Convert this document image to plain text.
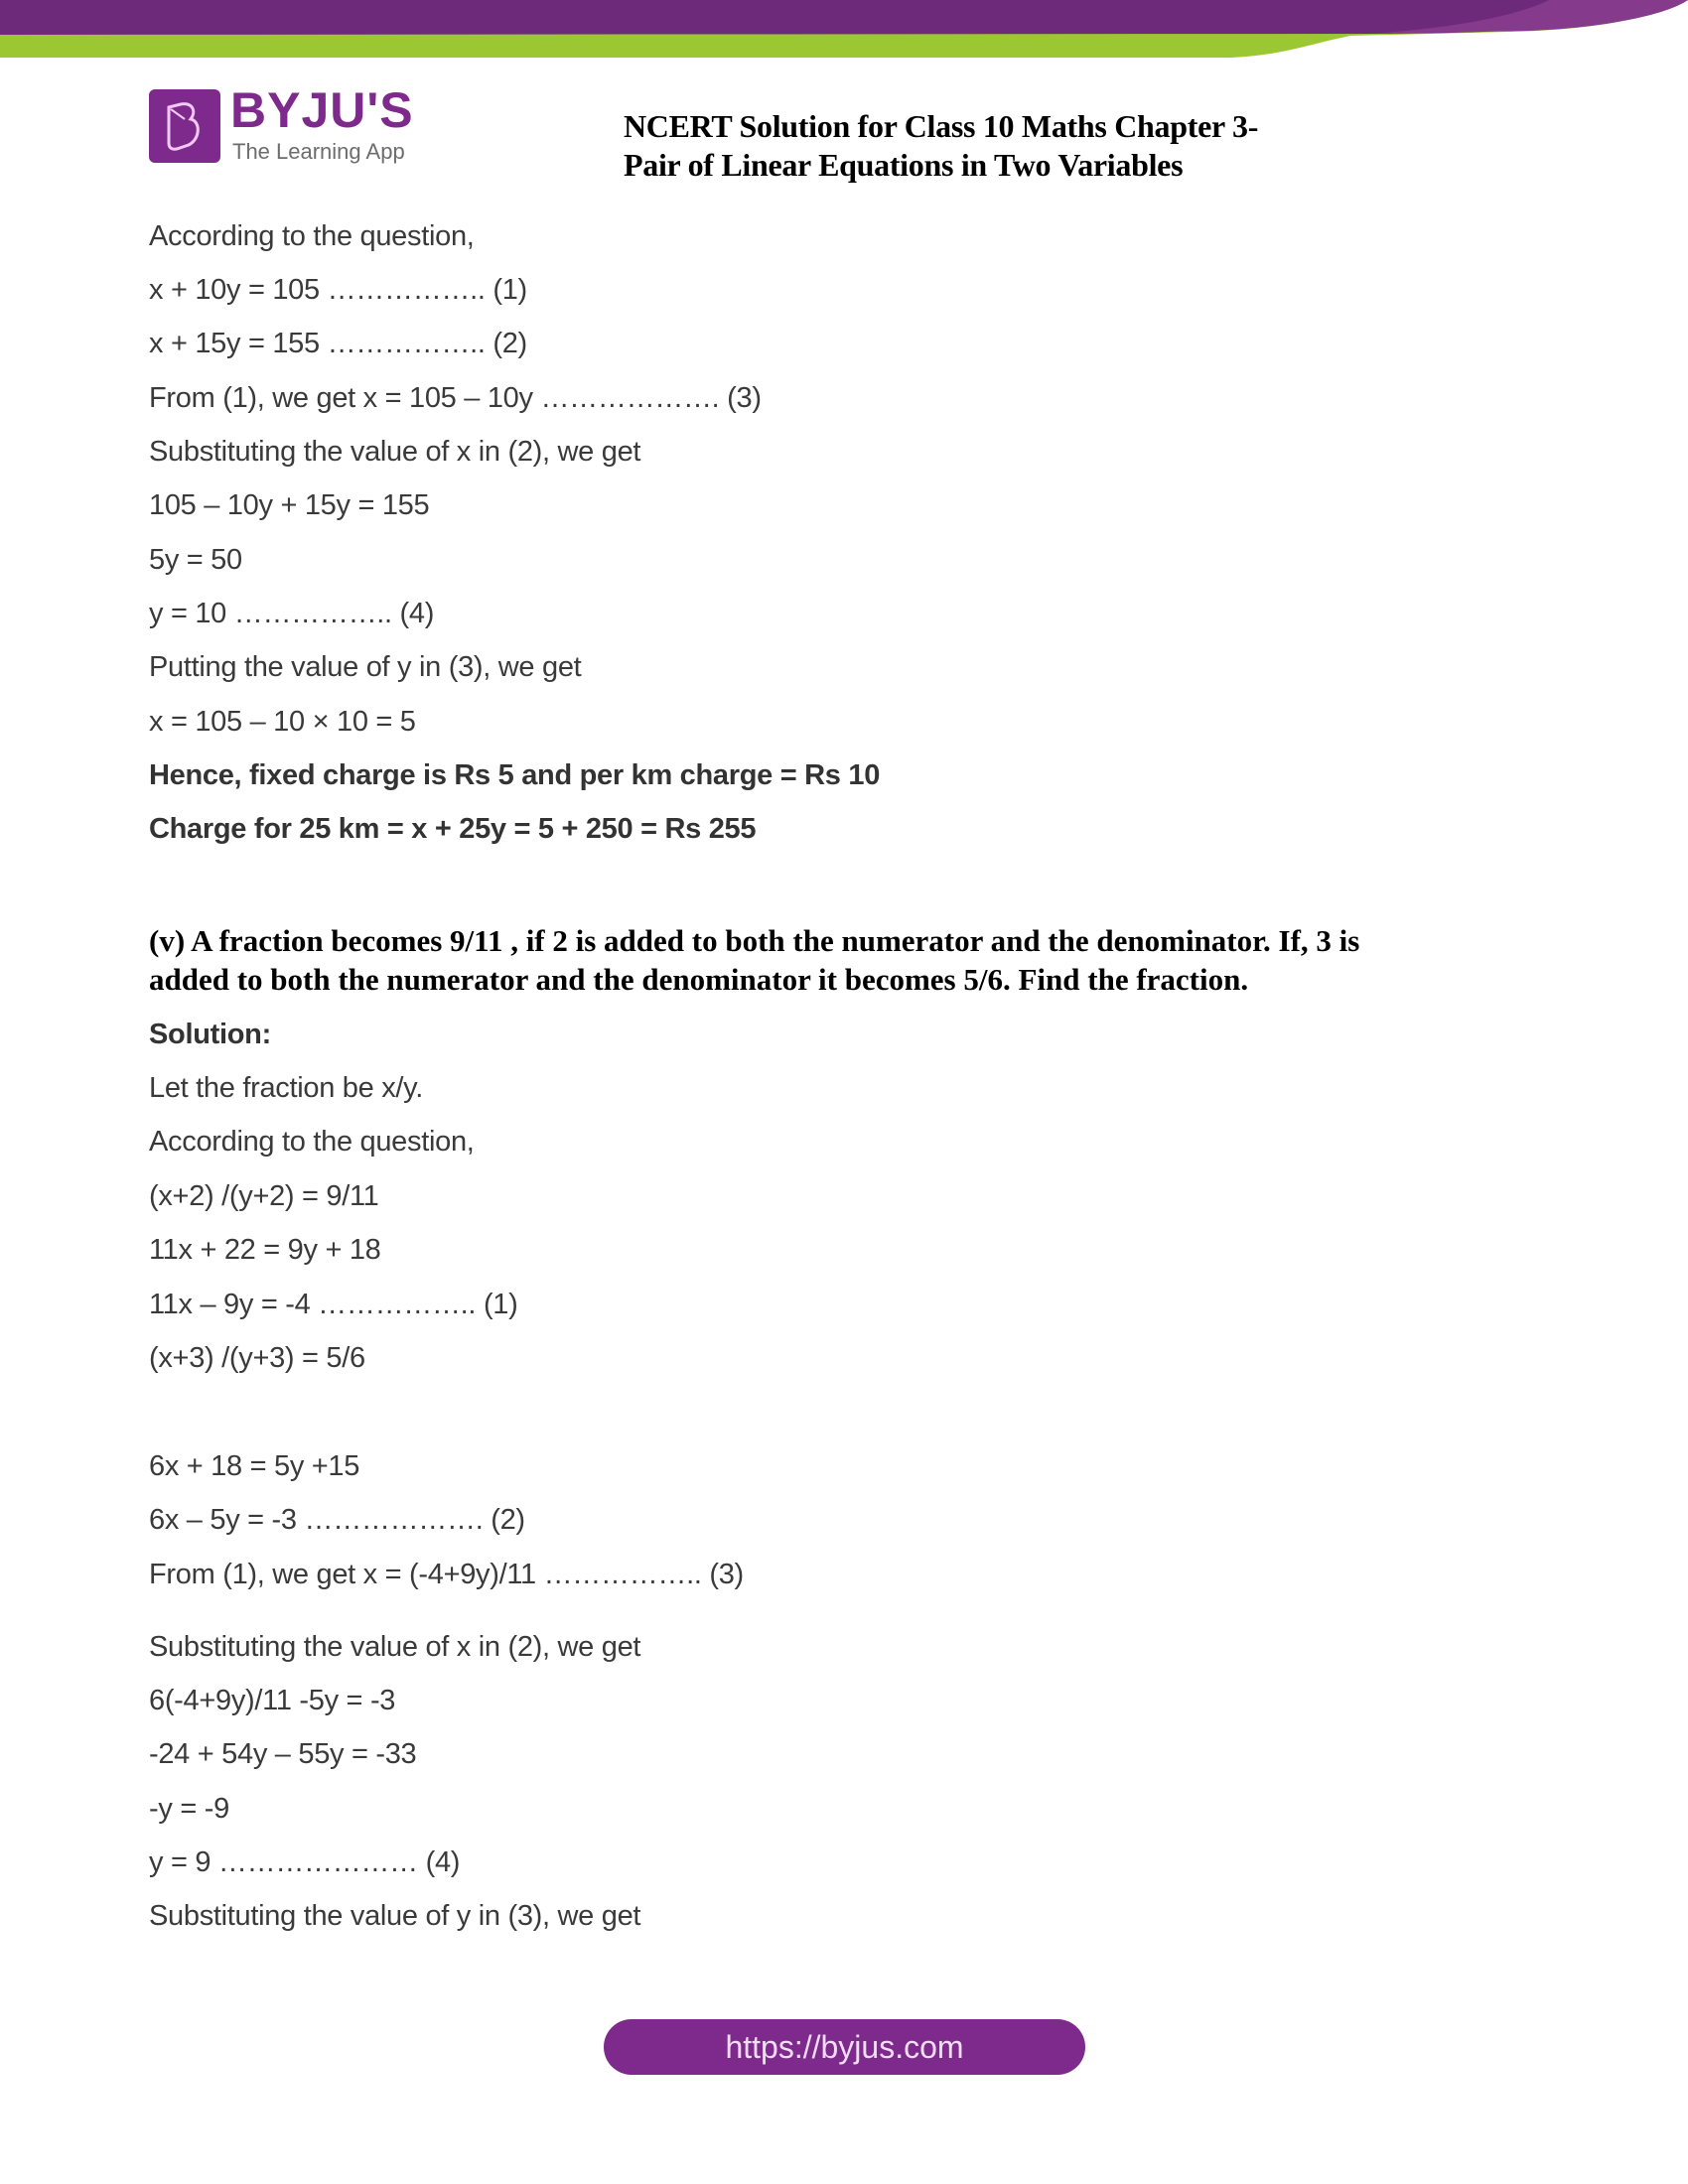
BYJU'S
The Learning App
NCERT Solution for Class 10 Maths Chapter 3-
Pair of Linear Equations in Two Variables
According to the question,
x + 10y = 105 …………….. (1)
x + 15y = 155 …………….. (2)
From (1), we get x = 105 – 10y ………………. (3)
Substituting the value of x in (2), we get
105 – 10y + 15y = 155
5y = 50
y = 10 …………….. (4)
Putting the value of y in (3), we get
x = 105 – 10 × 10 = 5
Hence, fixed charge is Rs 5 and per km charge = Rs 10
Charge for 25 km = x + 25y = 5 + 250 = Rs 255
(v) A fraction becomes 9/11 , if 2 is added to both the numerator and the denominator. If, 3 is
added to both the numerator and the denominator it becomes 5/6. Find the fraction.
Solution:
Let the fraction be x/y.
According to the question,
(x+2) /(y+2) = 9/11
11x + 22 = 9y + 18
11x – 9y = -4 …………….. (1)
(x+3) /(y+3) = 5/6
6x + 18 = 5y +15
6x – 5y = -3 ………………. (2)
From (1), we get x = (-4+9y)/11 …………….. (3)
Substituting the value of x in (2), we get
6(-4+9y)/11 -5y = -3
-24 + 54y – 55y = -33
-y = -9
y = 9 ………………… (4)
Substituting the value of y in (3), we get
https://byjus.com
